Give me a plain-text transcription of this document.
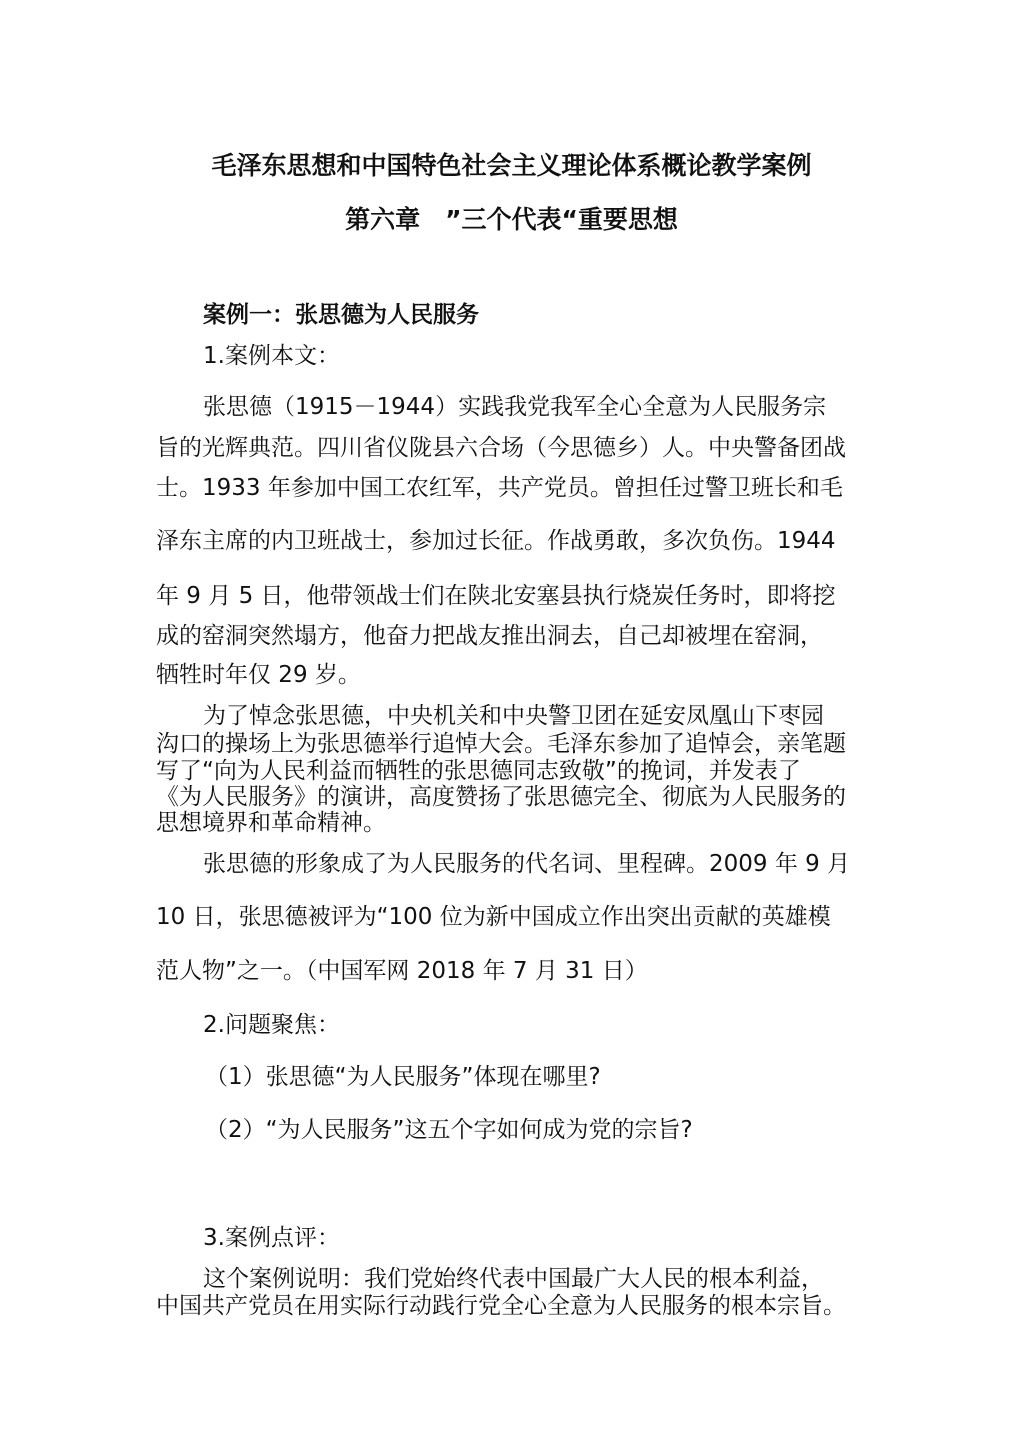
毛泽东思想和中国特色社会主义理论体系概论教学案例
第六章　”三个代表“重要思想
案例一：张思德为人民服务
1.案例本文：
张思德（1915－1944）实践我党我军全心全意为人民服务宗
旨的光辉典范。四川省仪陇县六合场（今思德乡）人。中央警备团战
士。1933 年参加中国工农红军，共产党员。曾担任过警卫班长和毛
泽东主席的内卫班战士，参加过长征。作战勇敢，多次负伤。1944
年 9 月 5 日，他带领战士们在陕北安塞县执行烧炭任务时，即将挖
成的窑洞突然塌方，他奋力把战友推出洞去，自己却被埋在窑洞，
牺牲时年仅 29 岁。
为了悼念张思德，中央机关和中央警卫团在延安凤凰山下枣园
沟口的操场上为张思德举行追悼大会。毛泽东参加了追悼会，亲笔题
写了“向为人民利益而牺牲的张思德同志致敬”的挽词，并发表了
《为人民服务》的演讲，高度赞扬了张思德完全、彻底为人民服务的
思想境界和革命精神。
张思德的形象成了为人民服务的代名词、里程碑。2009 年 9 月
10 日，张思德被评为“100 位为新中国成立作出突出贡献的英雄模
范人物”之一。（中国军网 2018 年 7 月 31 日）
2.问题聚焦：
（1）张思德“为人民服务”体现在哪里?
（2）“为人民服务”这五个字如何成为党的宗旨?
3.案例点评：
这个案例说明：我们党始终代表中国最广大人民的根本利益，
中国共产党员在用实际行动践行党全心全意为人民服务的根本宗旨。
